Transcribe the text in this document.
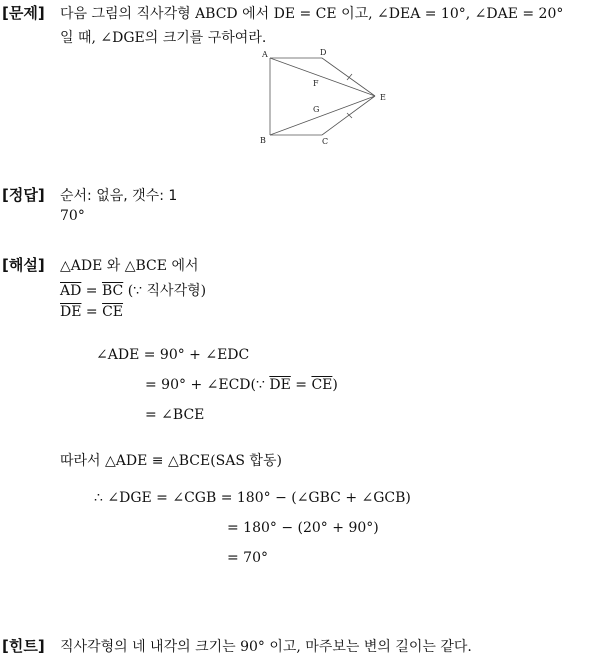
[문제] 다음 그림의 직사각형 ABCD 에서 DE = CE 이고, ∠DEA = 10°, ∠DAE = 20°
일 때, ∠DGE의 크기를 구하여라.
A	D
E
F
G
B	C
[정답] 순서: 없음, 갯수: 1
70°
[해설] △ADE 와 △BCE 에서
$\overline{AD} = \overline{BC}$ (∵ 직사각형)
$\overline{DE} = \overline{CE}$
∠ADE = 90° + ∠EDC
= 90° + ∠ECD(∵ $\overline{DE} = \overline{CE}$)
= ∠BCE
따라서 △ADE ≡ △BCE(SAS 합동)
∴ ∠DGE = ∠CGB = 180° − (∠GBC + ∠GCB)
= 180° − (20° + 90°)
= 70°
[힌트] 직사각형의 네 내각의 크기는 90° 이고, 마주보는 변의 길이는 같다.
